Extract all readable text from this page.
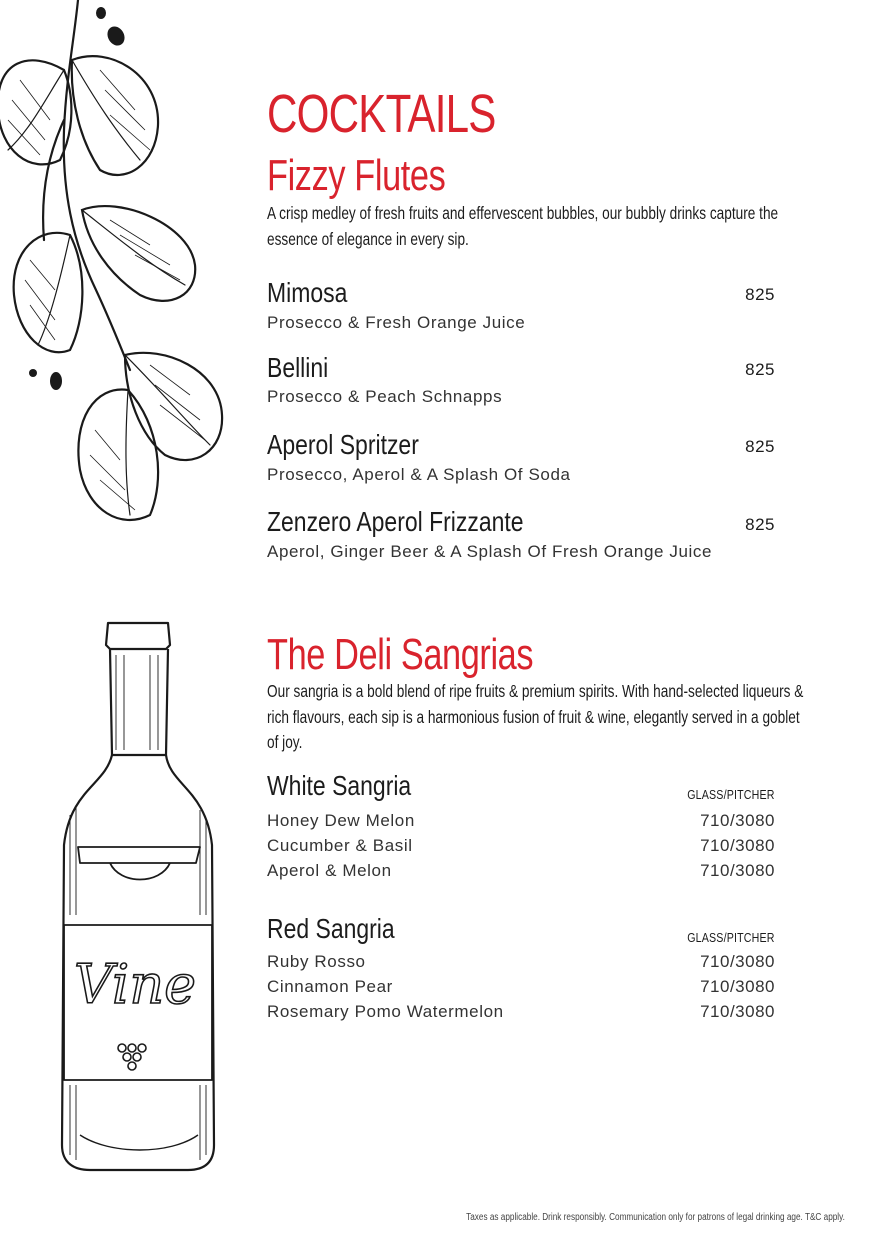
Vine
COCKTAILS
Fizzy Flutes
A crisp medley of fresh fruits and effervescent bubbles, our bubbly drinks capture the essence of elegance in every sip.
Mimosa	825
Prosecco & Fresh Orange Juice
Bellini	825
Prosecco & Peach Schnapps
Aperol Spritzer	825
Prosecco, Aperol & A Splash Of Soda
Zenzero Aperol Frizzante	825
Aperol, Ginger Beer & A Splash Of Fresh Orange Juice
The Deli Sangrias
Our sangria is a bold blend of ripe fruits & premium spirits. With hand-selected liqueurs & rich flavours, each sip is a harmonious fusion of fruit & wine, elegantly served in a goblet of joy.
White Sangria	GLASS/PITCHER
Honey Dew Melon	710/3080
Cucumber & Basil	710/3080
Aperol & Melon	710/3080
Red Sangria	GLASS/PITCHER
Ruby Rosso	710/3080
Cinnamon Pear	710/3080
Rosemary Pomo Watermelon	710/3080
Taxes as applicable. Drink responsibly. Communication only for patrons of legal drinking age. T&C apply.
